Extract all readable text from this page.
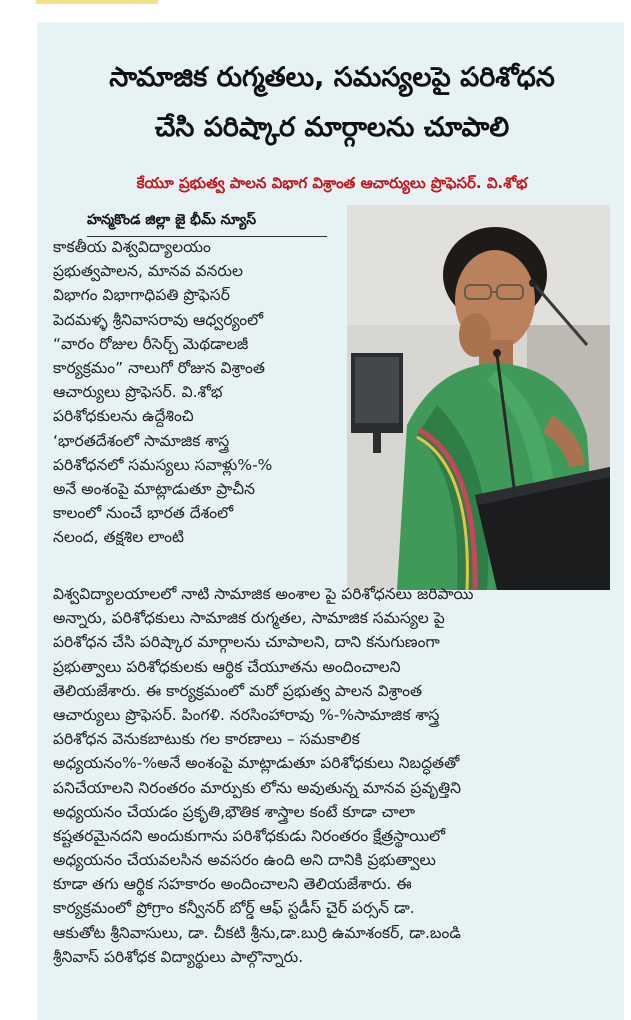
సామాజిక రుగ్మతలు, సమస్యలపై పరిశోధన
చేసి పరిష్కార మార్గాలను చూపాలి
కేయూ ప్రభుత్వ పాలన విభాగ విశ్రాంత ఆచార్యులు ప్రొఫెసర్. వి.శోభ
హన్మకొండ జిల్లా జై భీమ్ న్యూస్
కాకతీయ విశ్వవిద్యాలయం
ప్రభుత్వపాలన, మానవ వనరుల
విభాగం విభాగాధిపతి ప్రొఫెసర్
పెదమళ్ళ శ్రీనివాసరావు ఆధ్వర్యంలో
“వారం రోజుల రీసెర్చ్ మెథడాలజీ
కార్యక్రమం” నాలుగో రోజున విశ్రాంత
ఆచార్యులు ప్రొఫెసర్. వి.శోభ
పరిశోధకులను ఉద్దేశించి
‘భారతదేశంలో సామాజిక శాస్త్ర
పరిశోధనలో సమస్యలు సవాళ్లు%-%
అనే అంశంపై మాట్లాడుతూ ప్రాచీన
కాలంలో నుంచే భారత దేశంలో
నలంద, తక్షశిల లాంటి
విశ్వవిద్యాలయాలలో నాటి సామాజిక అంశాల పై పరిశోధనలు జరిపాయి
అన్నారు, పరిశోధకులు సామాజిక రుగ్మతల, సామాజిక సమస్యల పై
పరిశోధన చేసి పరిష్కార మార్గాలను చూపాలని, దాని కనుగుణంగా
ప్రభుత్వాలు పరిశోధకులకు ఆర్థిక చేయూతను అందించాలని
తెలియజేశారు. ఈ కార్యక్రమంలో మరో ప్రభుత్వ పాలన విశ్రాంత
ఆచార్యులు ప్రొఫెసర్. పింగళి. నరసింహారావు %-%సామాజిక శాస్త్ర
పరిశోధన వెనుకబాటుకు గల కారణాలు – సమకాలిక
అధ్యయనం%-%అనే అంశంపై మాట్లాడుతూ పరిశోధకులు నిబద్ధతతో
పనిచేయాలని నిరంతరం మార్పుకు లోను అవుతున్న మానవ ప్రవృత్తిని
అధ్యయనం చేయడం ప్రకృతి,భౌతిక శాస్త్రాల కంటే కూడా చాలా
కష్టతరమైనదని అందుకుగాను పరిశోధకుడు నిరంతరం క్షేత్రస్థాయిలో
అధ్యయనం చేయవలసిన అవసరం ఉంది అని దానికి ప్రభుత్వాలు
కూడా తగు ఆర్థిక సహకారం అందించాలని తెలియజేశారు. ఈ
కార్యక్రమంలో ప్రోగ్రాం కన్వీనర్ బోర్డ్ ఆఫ్ స్టడీస్ చైర్ పర్సన్ డా.
ఆకుతోట శ్రీనివాసులు, డా. చీకటి శ్రీను,డా.బుర్రి ఉమాశంకర్, డా.బండి
శ్రీనివాస్ పరిశోధక విద్యార్థులు పాల్గొన్నారు.
